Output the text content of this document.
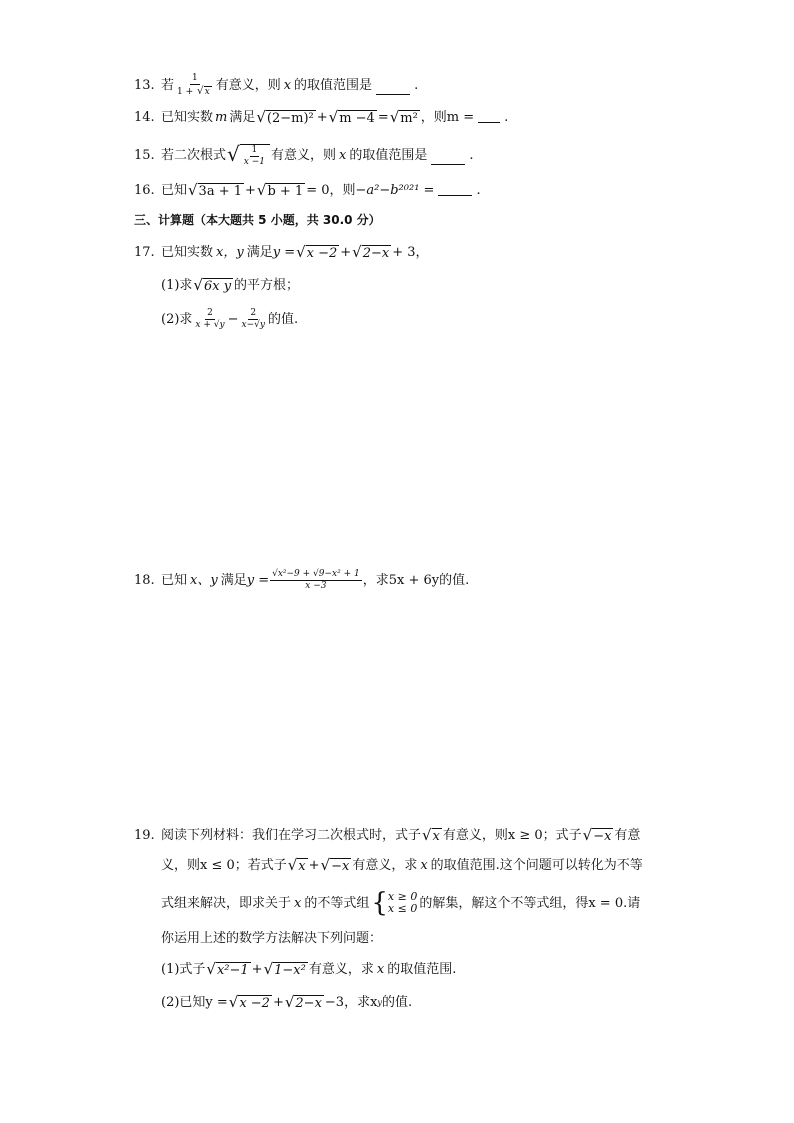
13. 若 $\frac{1}{1 + √ x}$ 有意义，则 x 的取值范围是	.
14. 已知实数 m 满足 √ (2−m)² + √ m −4 = √ m² ，则m = .
15. 若二次根式 √ $\frac{1}{x -1}$ 有意义，则 x 的取值范围是	.
16. 已知 √ 3a + 1 + √ b + 1 = 0，则 −a²−b²⁰²¹ =	.
三、计算题（本大题共 5 小题，共 30.0 分）
17. 已知实数 x，y 满足 y = √ x −2 + √ 2−x + 3，
(1)求 √ 6x y 的平方根；
(2)求 $\frac{2}{x + √y} - \frac{2}{x-√y}$ 的值.
18. 已知 x、y 满足 $y = \frac{\text{√x²−9 + √9−x² + 1}}{x -3}$ ，求5x + 6y的值.
19. 阅读下列材料：我们在学习二次根式时，式子 √ x 有意义，则x ≥ 0；式子 √ −x 有意
义，则x ≤ 0；若式子 √ x + √ −x 有意义，求 x 的取值范围.这个问题可以转化为不等
式组来解决，即求关于 x 的不等式组 { x ≥ 0
x ≤ 0 的解集，解这个不等式组，得x = 0.请
你运用上述的数学方法解决下列问题：
(1)式子 √ x²−1 + √ 1−x² 有意义，求 x 的取值范围.
(2)已知y = √ x −2 + √ 2−x −3，求x y 的值.
